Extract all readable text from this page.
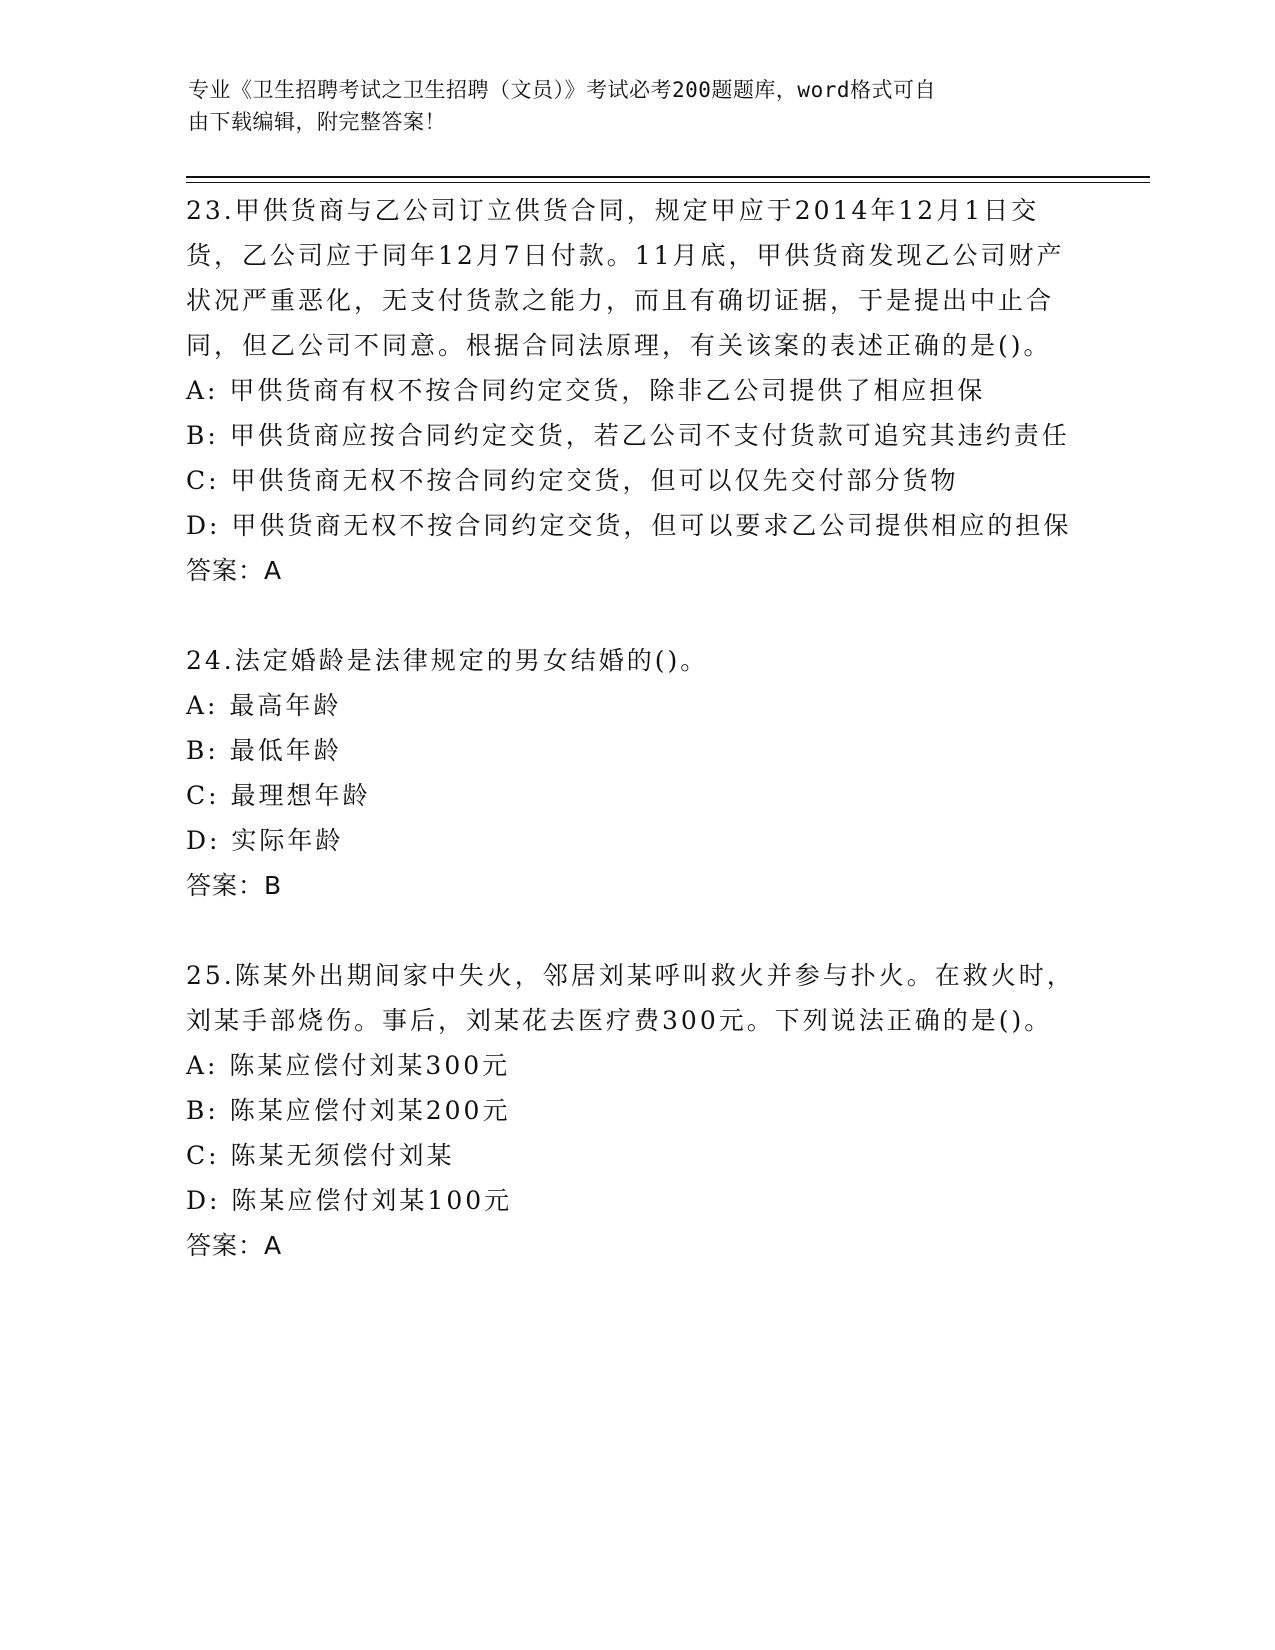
专业《卫生招聘考试之卫生招聘（文员）》考试必考200题题库，word格式可自
由下载编辑，附完整答案！

23.甲供货商与乙公司订立供货合同，规定甲应于2014年12月1日交货，乙公司应于同年12月7日付款。11月底，甲供货商发现乙公司财产状况严重恶化，无支付货款之能力，而且有确切证据，于是提出中止合同，但乙公司不同意。根据合同法原理，有关该案的表述正确的是()。

A: 甲供货商有权不按合同约定交货，除非乙公司提供了相应担保

B: 甲供货商应按合同约定交货，若乙公司不支付货款可追究其违约责任

C: 甲供货商无权不按合同约定交货，但可以仅先交付部分货物

D: 甲供货商无权不按合同约定交货，但可以要求乙公司提供相应的担保

答案：A

24.法定婚龄是法律规定的男女结婚的()。

A: 最高年龄

B: 最低年龄

C: 最理想年龄

D: 实际年龄

答案：B

25.陈某外出期间家中失火，邻居刘某呼叫救火并参与扑火。在救火时，刘某手部烧伤。事后，刘某花去医疗费300元。下列说法正确的是()。

A: 陈某应偿付刘某300元

B: 陈某应偿付刘某200元

C: 陈某无须偿付刘某

D: 陈某应偿付刘某100元

答案：A
